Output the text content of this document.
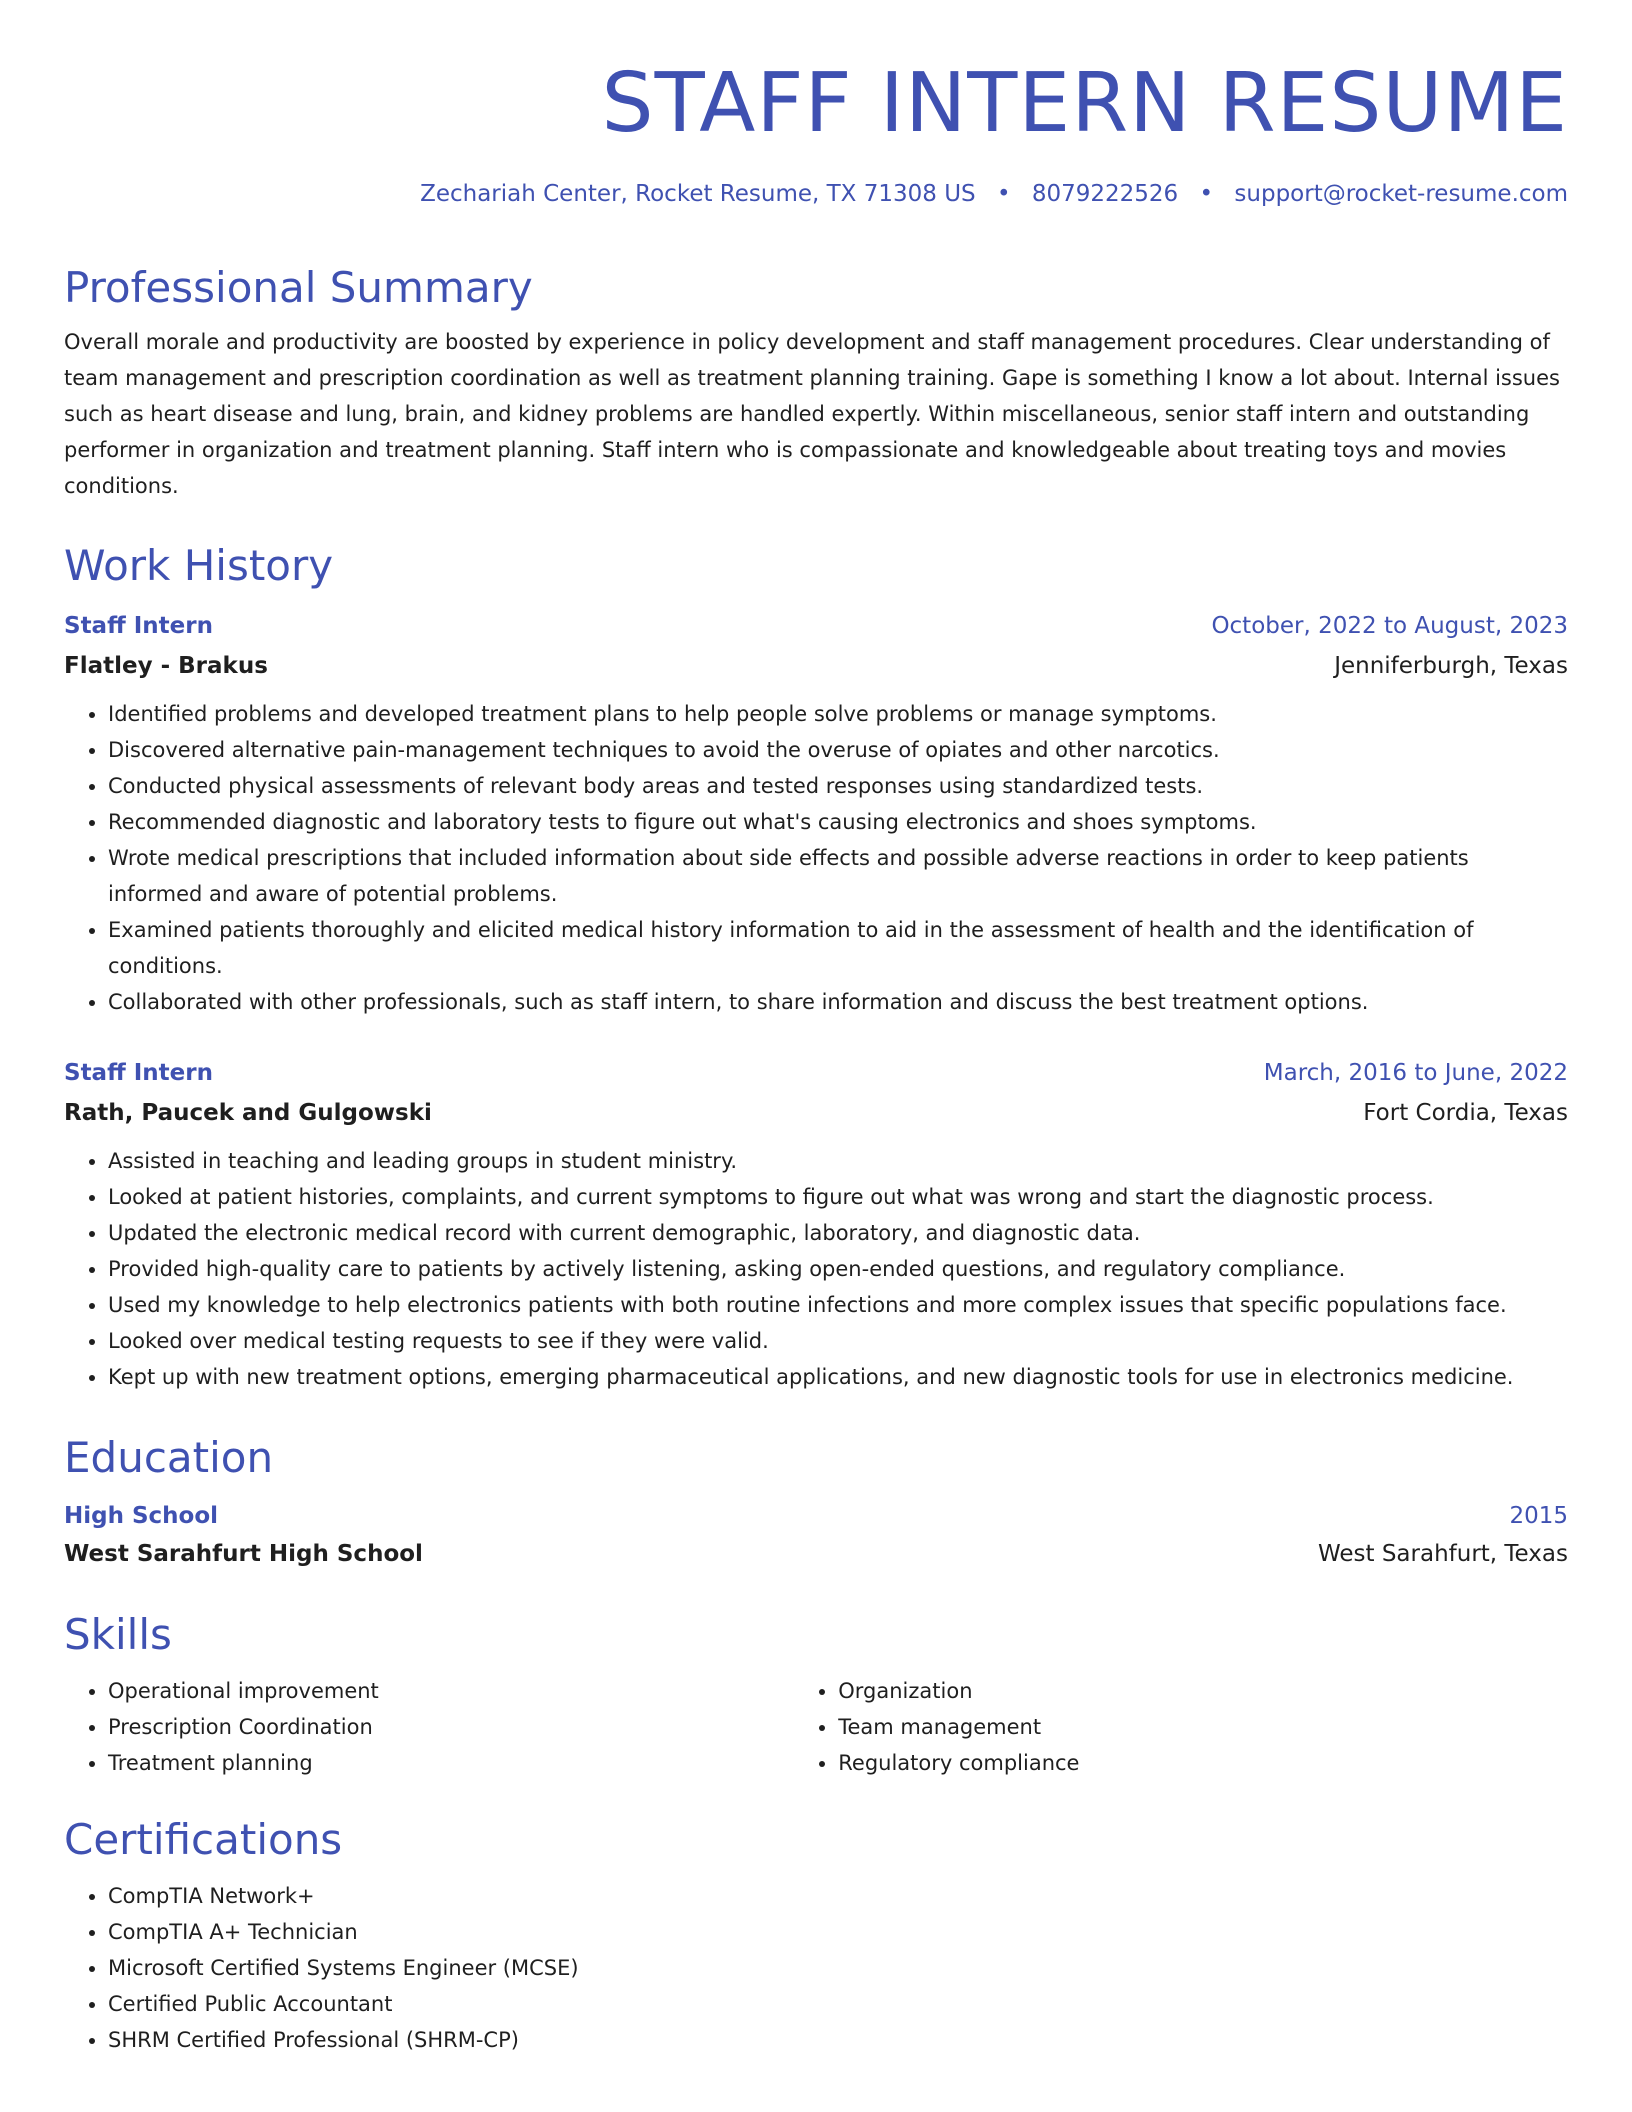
STAFF INTERN RESUME
Zechariah Center, Rocket Resume, TX 71308 US • 8079222526 • support@rocket-resume.com
Professional Summary

Overall morale and productivity are boosted by experience in policy development and staff management procedures. Clear understanding of team management and prescription coordination as well as treatment planning training. Gape is something I know a lot about. Internal issues such as heart disease and lung, brain, and kidney problems are handled expertly. Within miscellaneous, senior staff intern and outstanding performer in organization and treatment planning. Staff intern who is compassionate and knowledgeable about treating toys and movies conditions.

Work History
Staff Intern	October, 2022 to August, 2023
Flatley - Brakus	Jenniferburgh, Texas
• Identified problems and developed treatment plans to help people solve problems or manage symptoms.
• Discovered alternative pain-management techniques to avoid the overuse of opiates and other narcotics.
• Conducted physical assessments of relevant body areas and tested responses using standardized tests.
• Recommended diagnostic and laboratory tests to figure out what's causing electronics and shoes symptoms.
• Wrote medical prescriptions that included information about side effects and possible adverse reactions in order to keep patients informed and aware of potential problems.
• Examined patients thoroughly and elicited medical history information to aid in the assessment of health and the identification of conditions.
• Collaborated with other professionals, such as staff intern, to share information and discuss the best treatment options.
Staff Intern	March, 2016 to June, 2022
Rath, Paucek and Gulgowski	Fort Cordia, Texas
• Assisted in teaching and leading groups in student ministry.
• Looked at patient histories, complaints, and current symptoms to figure out what was wrong and start the diagnostic process.
• Updated the electronic medical record with current demographic, laboratory, and diagnostic data.
• Provided high-quality care to patients by actively listening, asking open-ended questions, and regulatory compliance.
• Used my knowledge to help electronics patients with both routine infections and more complex issues that specific populations face.
• Looked over medical testing requests to see if they were valid.
• Kept up with new treatment options, emerging pharmaceutical applications, and new diagnostic tools for use in electronics medicine.
Education
High School	2015
West Sarahfurt High School	West Sarahfurt, Texas
Skills
• Operational improvement
• Prescription Coordination
• Treatment planning
• Organization
• Team management
• Regulatory compliance
Certifications
• CompTIA Network+
• CompTIA A+ Technician
• Microsoft Certified Systems Engineer (MCSE)
• Certified Public Accountant
• SHRM Certified Professional (SHRM-CP)
